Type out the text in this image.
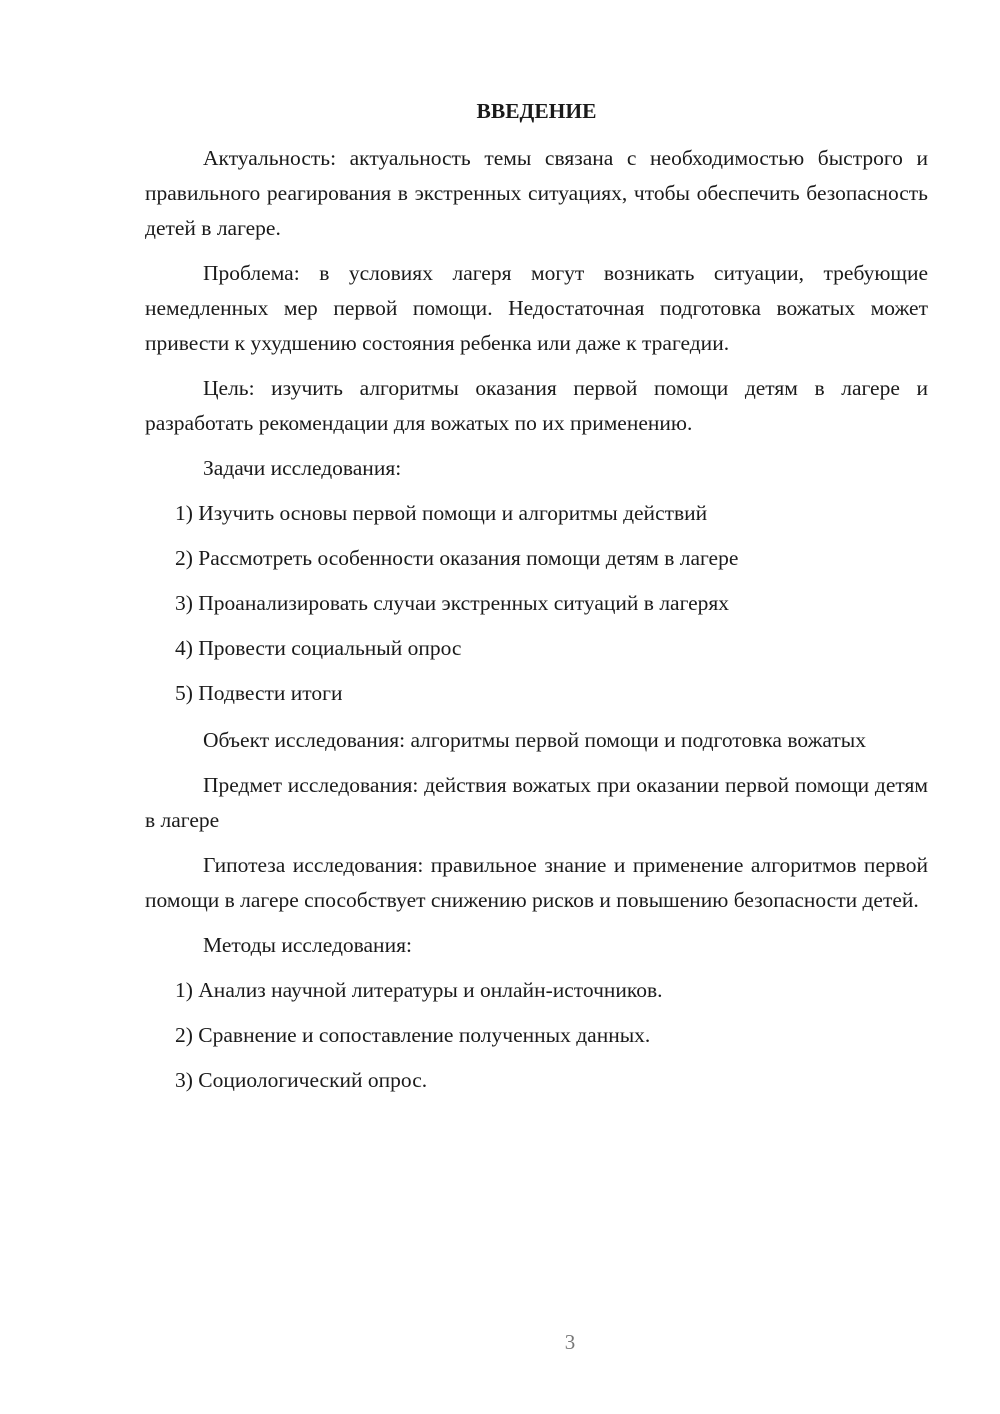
ВВЕДЕНИЕ

Актуальность: актуальность темы связана с необходимостью быстрого и правильного реагирования в экстренных ситуациях, чтобы обеспечить безопасность детей в лагере.

Проблема: в условиях лагеря могут возникать ситуации, требующие немедленных мер первой помощи. Недостаточная подготовка вожатых может привести к ухудшению состояния ребенка или даже к трагедии.

Цель: изучить алгоритмы оказания первой помощи детям в лагере и разработать рекомендации для вожатых по их применению.

Задачи исследования:

1) Изучить основы первой помощи и алгоритмы действий
2) Рассмотреть особенности оказания помощи детям в лагере
3) Проанализировать случаи экстренных ситуаций в лагерях
4) Провести социальный опрос
5) Подвести итоги

Объект исследования: алгоритмы первой помощи и подготовка вожатых

Предмет исследования: действия вожатых при оказании первой помощи детям в лагере

Гипотеза исследования: правильное знание и применение алгоритмов первой помощи в лагере способствует снижению рисков и повышению безопасности детей.

Методы исследования:

1) Анализ научной литературы и онлайн-источников.
2) Сравнение и сопоставление полученных данных.
3) Социологический опрос.
3
